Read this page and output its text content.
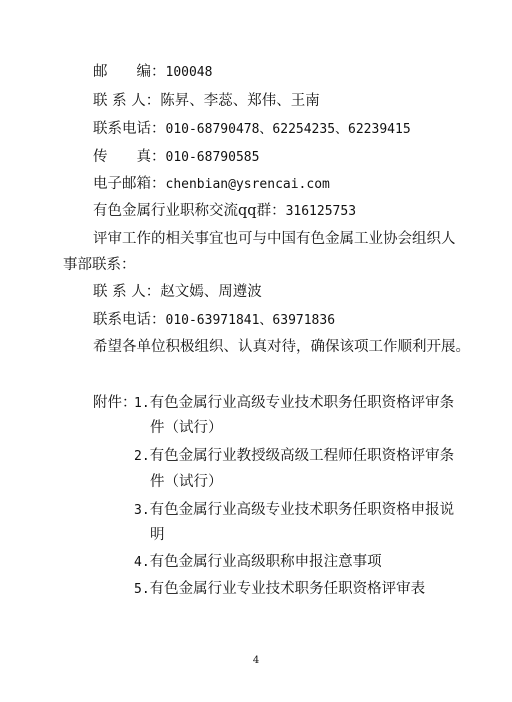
邮　　编：100048
联 系 人：陈昇、李蕊、郑伟、王南
联系电话：010-68790478、62254235、62239415
传　　真：010-68790585
电子邮箱：chenbian@ysrencai.com
有色金属行业职称交流qq群：316125753
评审工作的相关事宜也可与中国有色金属工业协会组织人
事部联系：
联 系 人：赵文嫣、周遵波
联系电话：010-63971841、63971836
希望各单位积极组织、认真对待，确保该项工作顺利开展。
附件：
1.有色金属行业高级专业技术职务任职资格评审条
件（试行）
2.有色金属行业教授级高级工程师任职资格评审条
件（试行）
3.有色金属行业高级专业技术职务任职资格申报说
明
4.有色金属行业高级职称申报注意事项
5.有色金属行业专业技术职务任职资格评审表
4
